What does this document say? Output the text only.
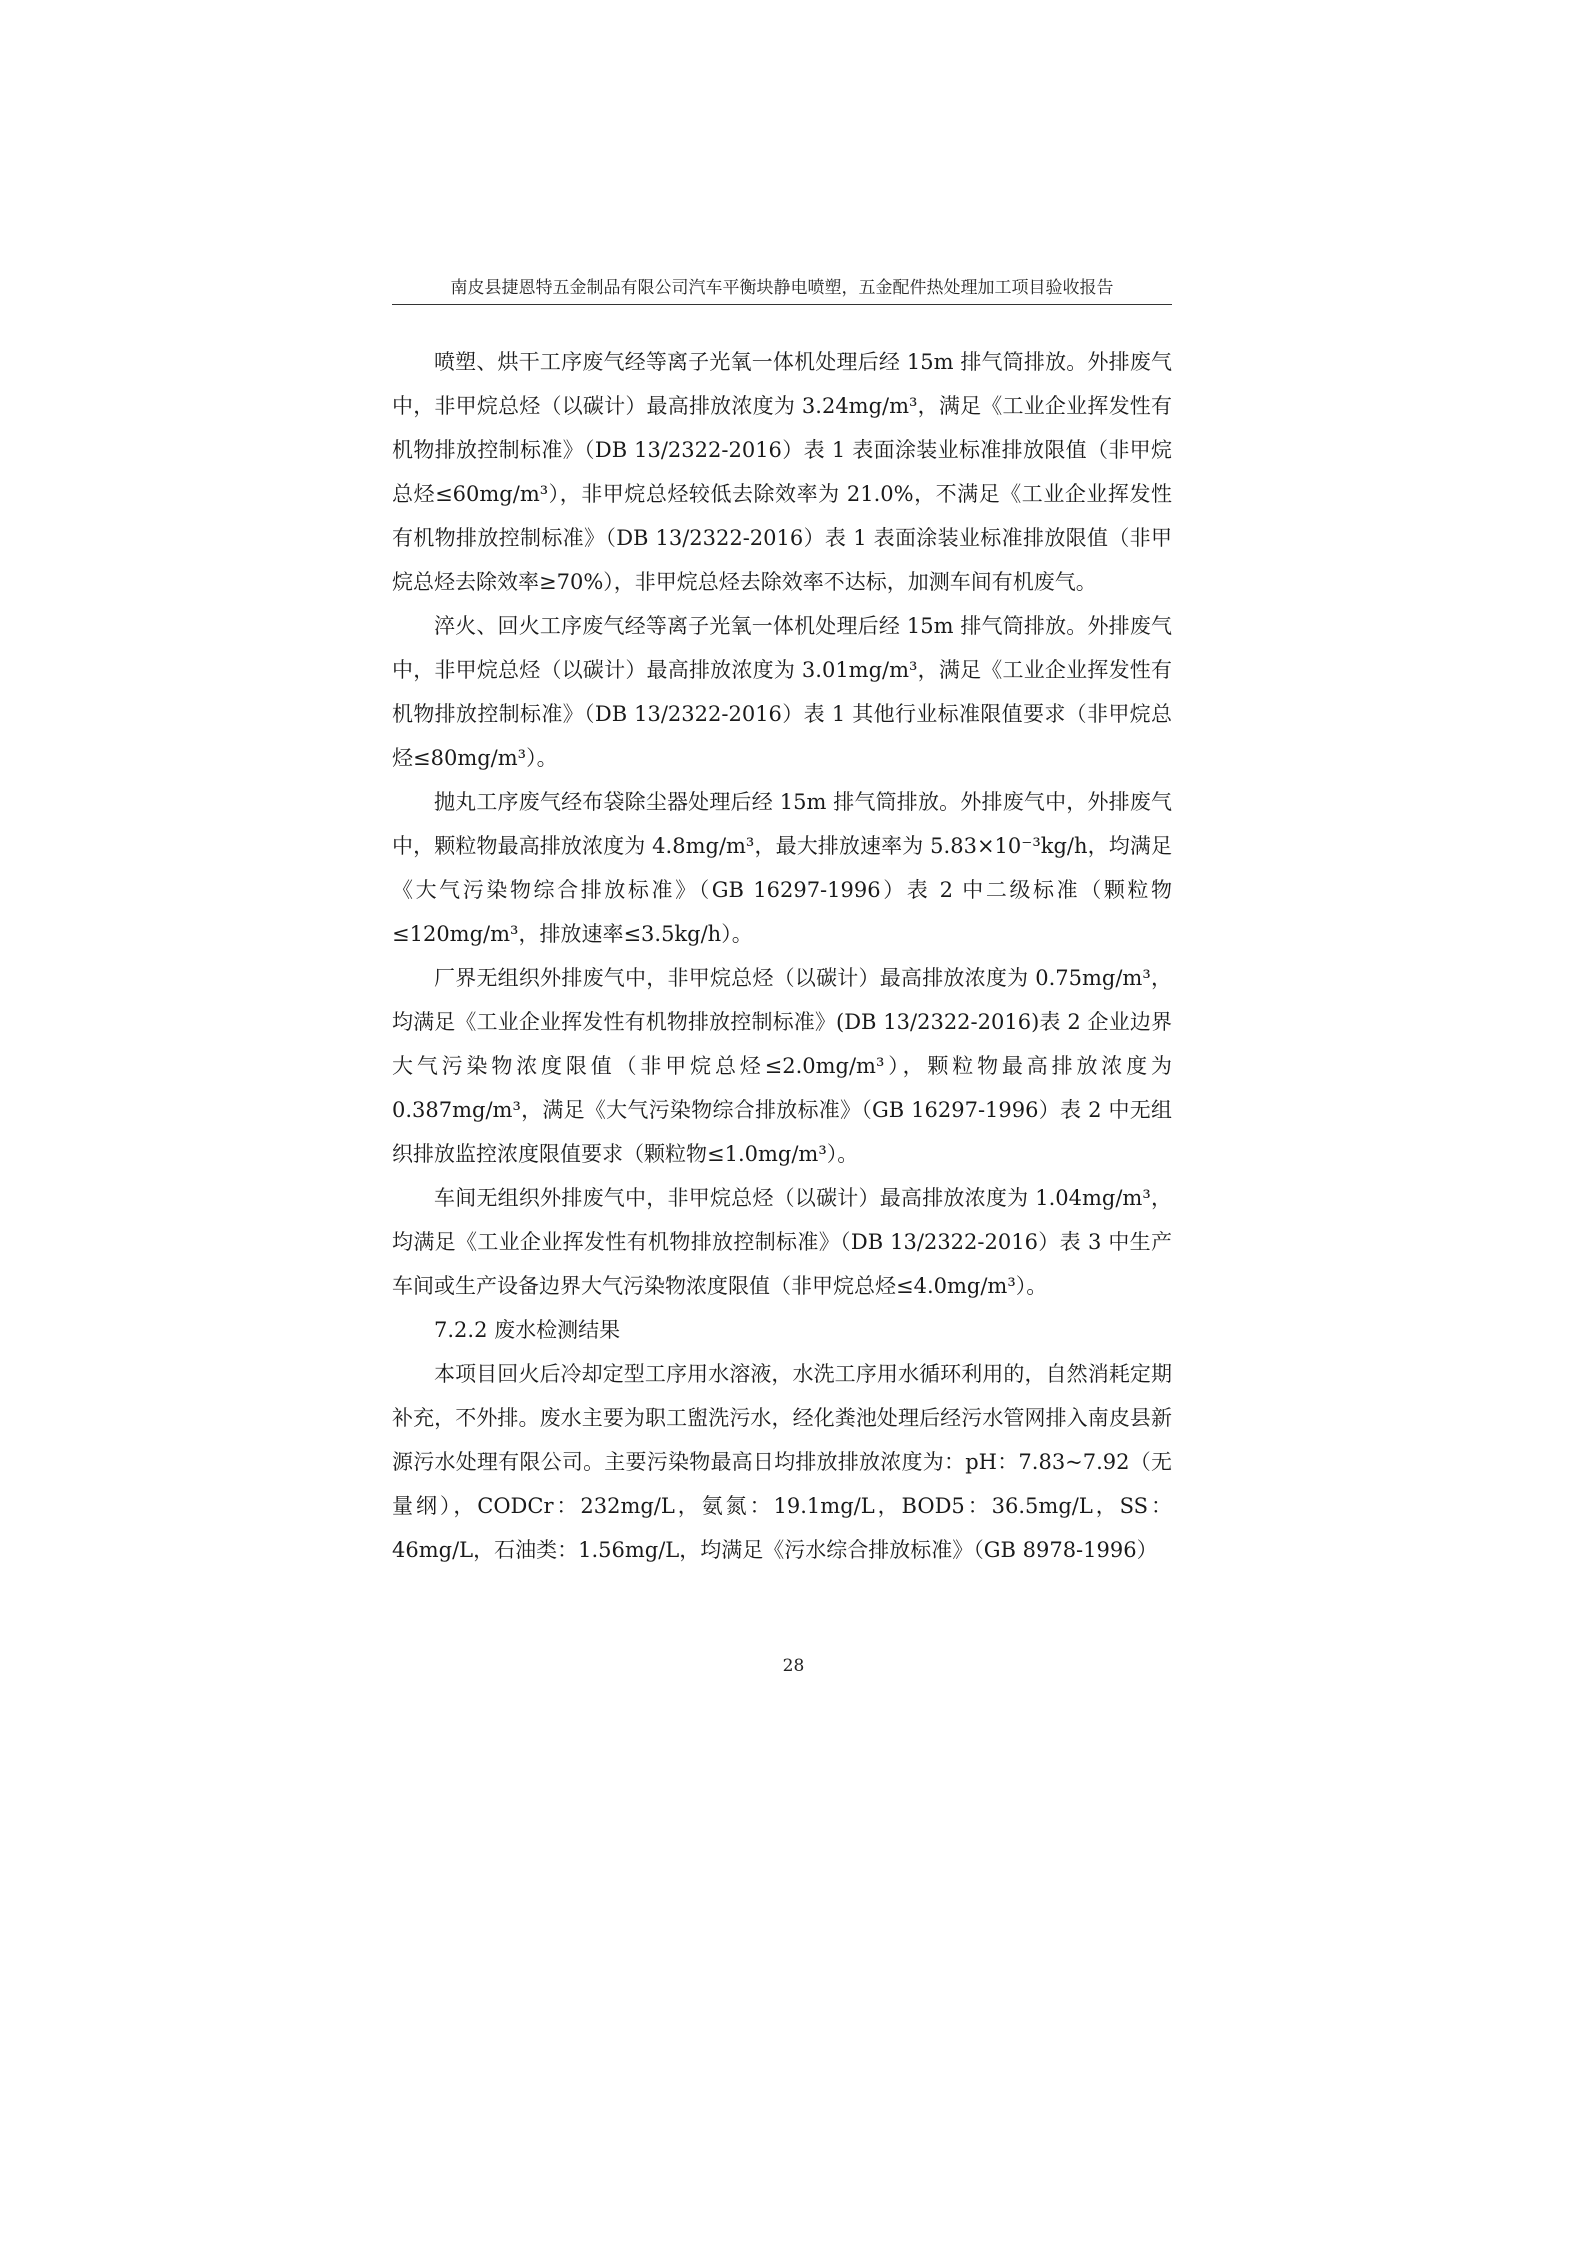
南皮县捷恩特五金制品有限公司汽车平衡块静电喷塑，五金配件热处理加工项目验收报告

喷塑、烘干工序废气经等离子光氧一体机处理后经 15m 排气筒排放。外排废气中，非甲烷总烃（以碳计）最高排放浓度为 3.24mg/m³，满足《工业企业挥发性有机物排放控制标准》（DB 13/2322-2016）表 1 表面涂装业标准排放限值（非甲烷总烃≤60mg/m³），非甲烷总烃较低去除效率为 21.0%，不满足《工业企业挥发性有机物排放控制标准》（DB 13/2322-2016）表 1 表面涂装业标准排放限值（非甲烷总烃去除效率≥70%），非甲烷总烃去除效率不达标，加测车间有机废气。

淬火、回火工序废气经等离子光氧一体机处理后经 15m 排气筒排放。外排废气中，非甲烷总烃（以碳计）最高排放浓度为 3.01mg/m³，满足《工业企业挥发性有机物排放控制标准》（DB 13/2322-2016）表 1 其他行业标准限值要求（非甲烷总烃≤80mg/m³）。

抛丸工序废气经布袋除尘器处理后经 15m 排气筒排放。外排废气中，外排废气中，颗粒物最高排放浓度为 4.8mg/m³，最大排放速率为 5.83×10⁻³kg/h，均满足《大气污染物综合排放标准》（GB 16297-1996）表 2 中二级标准（颗粒物≤120mg/m³，排放速率≤3.5kg/h）。

厂界无组织外排废气中，非甲烷总烃（以碳计）最高排放浓度为 0.75mg/m³，均满足《工业企业挥发性有机物排放控制标准》(DB 13/2322-2016)表 2 企业边界大气污染物浓度限值（非甲烷总烃≤2.0mg/m³），颗粒物最高排放浓度为 0.387mg/m³，满足《大气污染物综合排放标准》（GB 16297-1996）表 2 中无组织排放监控浓度限值要求（颗粒物≤1.0mg/m³）。

车间无组织外排废气中，非甲烷总烃（以碳计）最高排放浓度为 1.04mg/m³，均满足《工业企业挥发性有机物排放控制标准》（DB 13/2322-2016）表 3 中生产车间或生产设备边界大气污染物浓度限值（非甲烷总烃≤4.0mg/m³）。

7.2.2 废水检测结果

本项目回火后冷却定型工序用水溶液，水洗工序用水循环利用的，自然消耗定期补充，不外排。废水主要为职工盥洗污水，经化粪池处理后经污水管网排入南皮县新源污水处理有限公司。主要污染物最高日均排放排放浓度为：pH：7.83~7.92（无量纲），CODCr：232mg/L，氨氮：19.1mg/L，BOD5：36.5mg/L，SS：46mg/L，石油类：1.56mg/L，均满足《污水综合排放标准》（GB 8978-1996）

28
